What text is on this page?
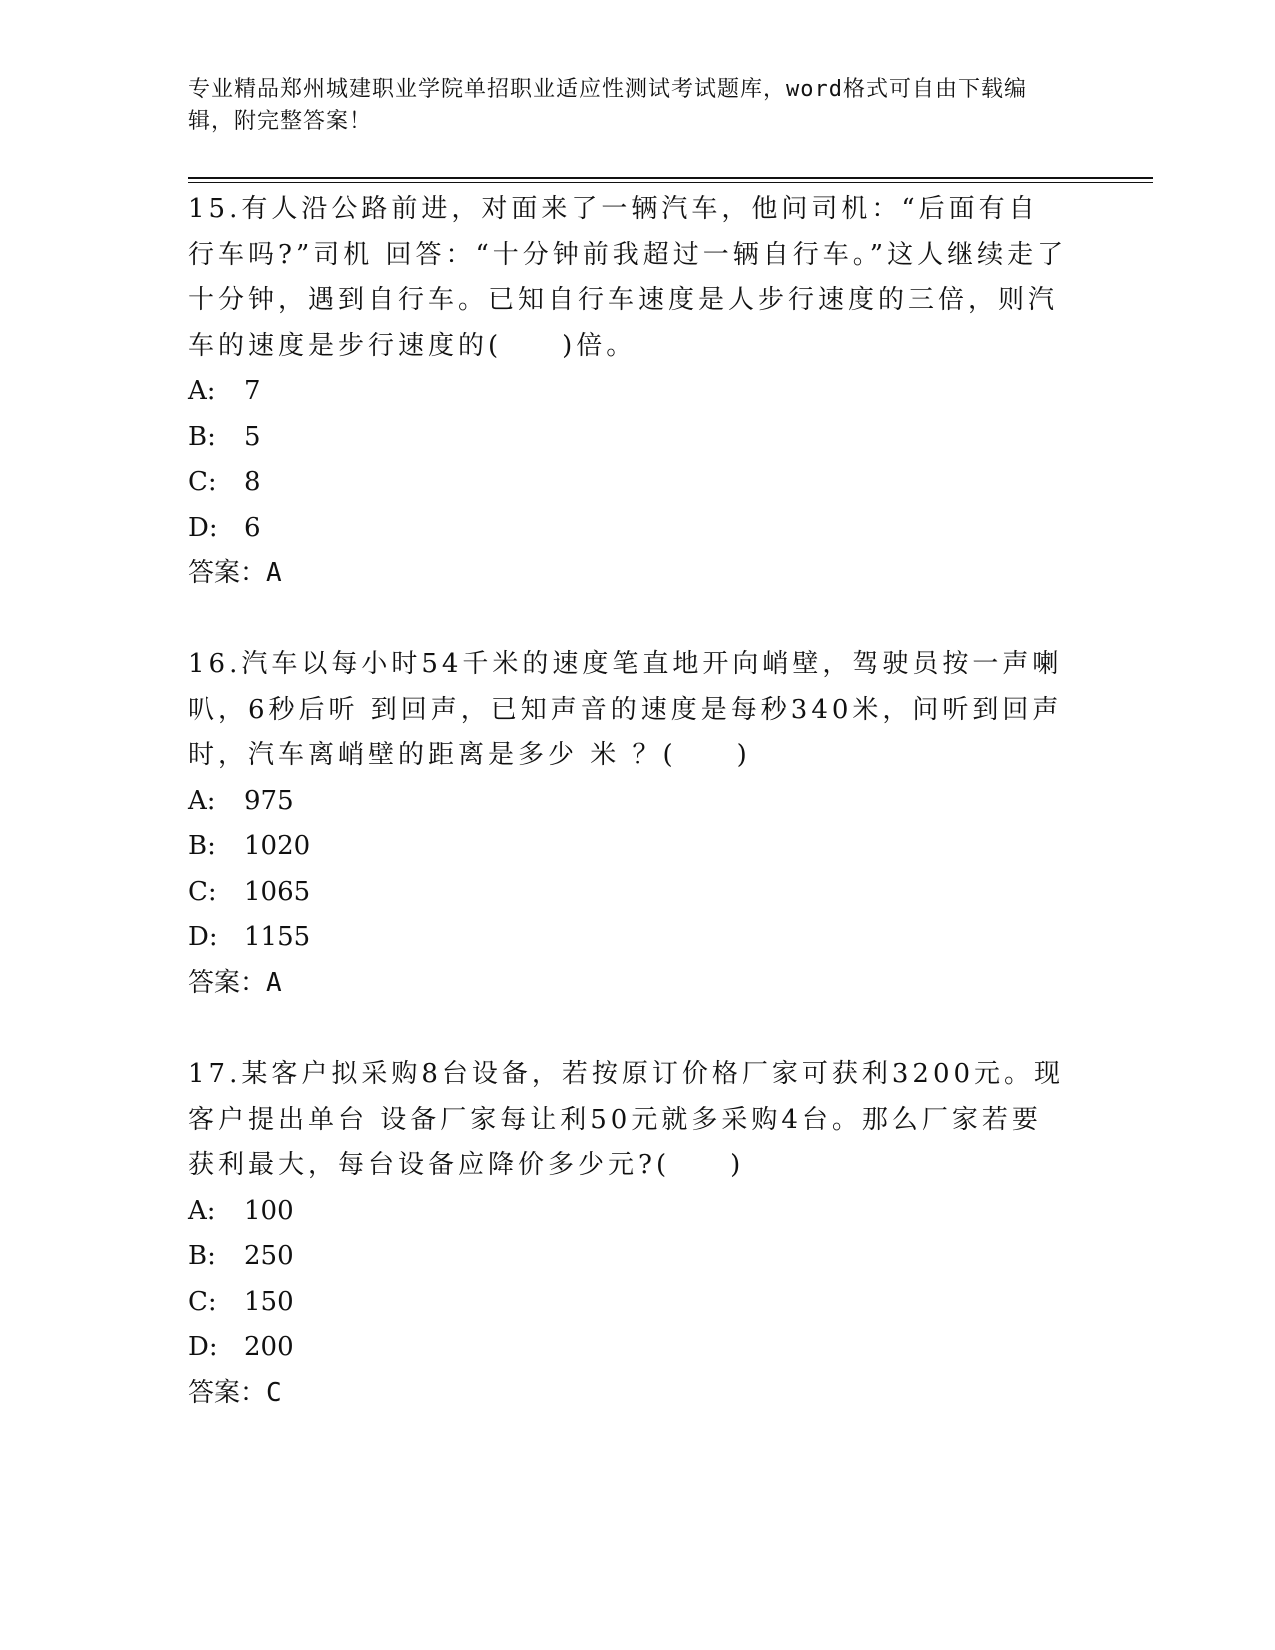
专业精品郑州城建职业学院单招职业适应性测试考试题库，word格式可自由下载编辑，附完整答案！

15.有人沿公路前进，对面来了一辆汽车，他问司机：“后面有自行车吗?”司机 回答：“十分钟前我超过一辆自行车。”这人继续走了十分钟，遇到自行车。已知自行车速度是人步行速度的三倍，则汽车的速度是步行速度的(　　)倍。

A:	7
B:	5
C:	8
D:	6
答案：A

16.汽车以每小时54千米的速度笔直地开向峭壁，驾驶员按一声喇叭，6秒后听 到回声，已知声音的速度是每秒340米，问听到回声时，汽车离峭壁的距离是多少 米 ？(　　)

A:	975
B:	1020
C:	1065
D:	1155
答案：A

17.某客户拟采购8台设备，若按原订价格厂家可获利3200元。现客户提出单台 设备厂家每让利50元就多采购4台。那么厂家若要获利最大，每台设备应降价多少元?(　　)

A:	100
B:	250
C:	150
D:	200
答案：C
